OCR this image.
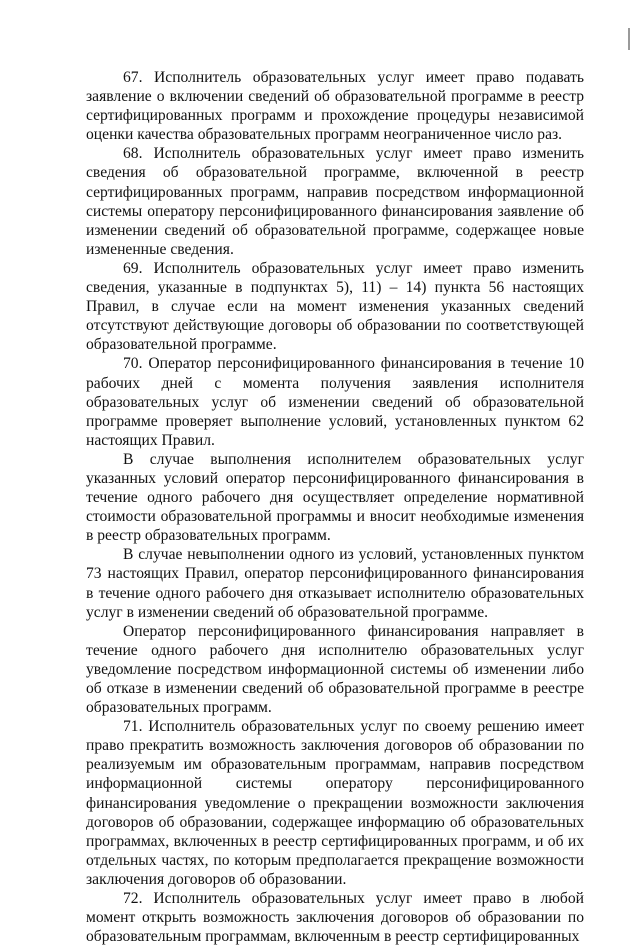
67. Исполнитель образовательных услуг имеет право подавать заявление о включении сведений об образовательной программе в реестр сертифицированных программ и прохождение процедуры независимой оценки качества образовательных программ неограниченное число раз.

68. Исполнитель образовательных услуг имеет право изменить сведения об образовательной программе, включенной в реестр сертифицированных программ, направив посредством информационной системы оператору персонифицированного финансирования заявление об изменении сведений об образовательной программе, содержащее новые измененные сведения.

69. Исполнитель образовательных услуг имеет право изменить сведения, указанные в подпунктах 5), 11) – 14) пункта 56 настоящих Правил, в случае если на момент изменения указанных сведений отсутствуют действующие договоры об образовании по соответствующей образовательной программе.

70. Оператор персонифицированного финансирования в течение 10 рабочих дней с момента получения заявления исполнителя образовательных услуг об изменении сведений об образовательной программе проверяет выполнение условий, установленных пунктом 62 настоящих Правил.

В случае выполнения исполнителем образовательных услуг указанных условий оператор персонифицированного финансирования в течение одного рабочего дня осуществляет определение нормативной стоимости образовательной программы и вносит необходимые изменения в реестр образовательных программ.

В случае невыполнении одного из условий, установленных пунктом 73 настоящих Правил, оператор персонифицированного финансирования в течение одного рабочего дня отказывает исполнителю образовательных услуг в изменении сведений об образовательной программе.

Оператор персонифицированного финансирования направляет в течение одного рабочего дня исполнителю образовательных услуг уведомление посредством информационной системы об изменении либо об отказе в изменении сведений об образовательной программе в реестре образовательных программ.

71. Исполнитель образовательных услуг по своему решению имеет право прекратить возможность заключения договоров об образовании по реализуемым им образовательным программам, направив посредством информационной системы оператору персонифицированного финансирования уведомление о прекращении возможности заключения договоров об образовании, содержащее информацию об образовательных программах, включенных в реестр сертифицированных программ, и об их отдельных частях, по которым предполагается прекращение возможности заключения договоров об образовании.

72. Исполнитель образовательных услуг имеет право в любой момент открыть возможность заключения договоров об образовании по образовательным программам, включенным в реестр сертифицированных
